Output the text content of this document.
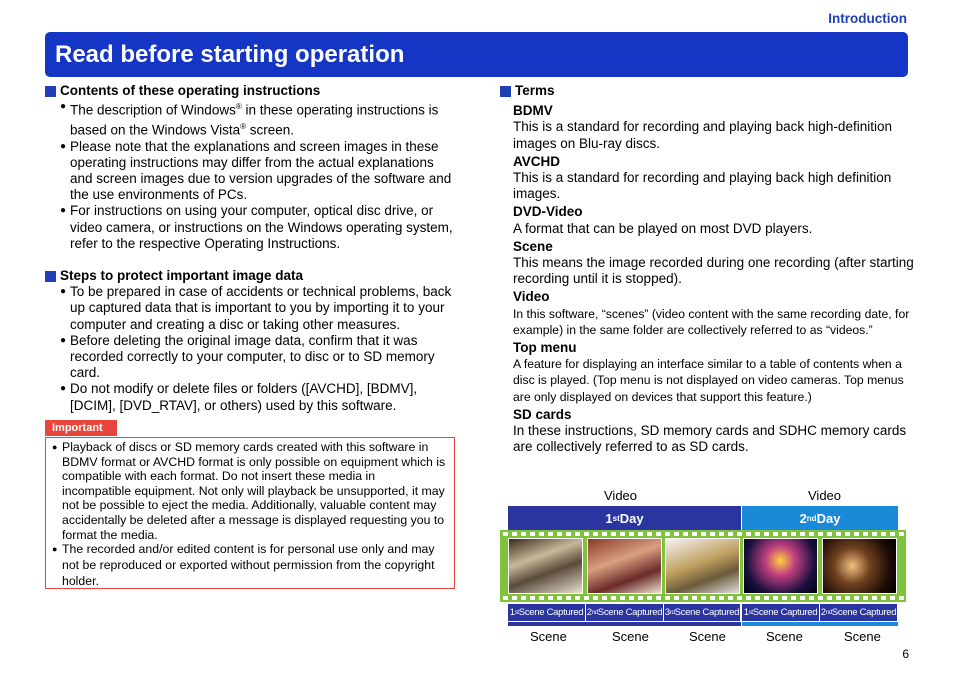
Introduction
Read before starting operation

Contents of these operating instructions

● The description of Windows® in these operating instructions is based on the Windows Vista® screen.
● Please note that the explanations and screen images in these operating instructions may differ from the actual explanations and screen images due to version upgrades of the software and the use environments of PCs.
● For instructions on using your computer, optical disc drive, or video camera, or instructions on the Windows operating system, refer to the respective Operating Instructions.

Steps to protect important image data

● To be prepared in case of accidents or technical problems, back up captured data that is important to you by importing it to your computer and creating a disc or taking other measures.
● Before deleting the original image data, confirm that it was recorded correctly to your computer, to disc or to SD memory card.
● Do not modify or delete files or folders ([AVCHD], [BDMV], [DCIM], [DVD_RTAV], or others) used by this software.
Important
● Playback of discs or SD memory cards created with this software in BDMV format or AVCHD format is only possible on equipment which is compatible with each format. Do not insert these media in incompatible equipment. Not only will playback be unsupported, it may not be possible to eject the media. Additionally, valuable content may accidentally be deleted after a message is displayed requesting you to format the media.
● The recorded and/or edited content is for personal use only and may not be reproduced or exported without permission from the copyright holder.

Terms

BDMV
This is a standard for recording and playing back high-definition images on Blu-ray discs.
AVCHD
This is a standard for recording and playing back high definition images.
DVD-Video
A format that can be played on most DVD players.
Scene
This means the image recorded during one recording (after starting recording until it is stopped).
Video
In this software, “scenes” (video content with the same recording date, for example) in the same folder are collectively referred to as “videos.”
Top menu
A feature for displaying an interface similar to a table of contents when a disc is played. (Top menu is not displayed on video cameras. Top menus are only displayed on devices that support this feature.)
SD cards
In these instructions, SD memory cards and SDHC memory cards are collectively referred to as SD cards.
Video	Video
1 st Day	2 nd Day
1 st Scene Captured 2 nd Scene Captured 3 rd Scene Captured 1 st Scene Captured 2 nd Scene Captured
Scene	Scene	Scene	Scene	Scene
6
